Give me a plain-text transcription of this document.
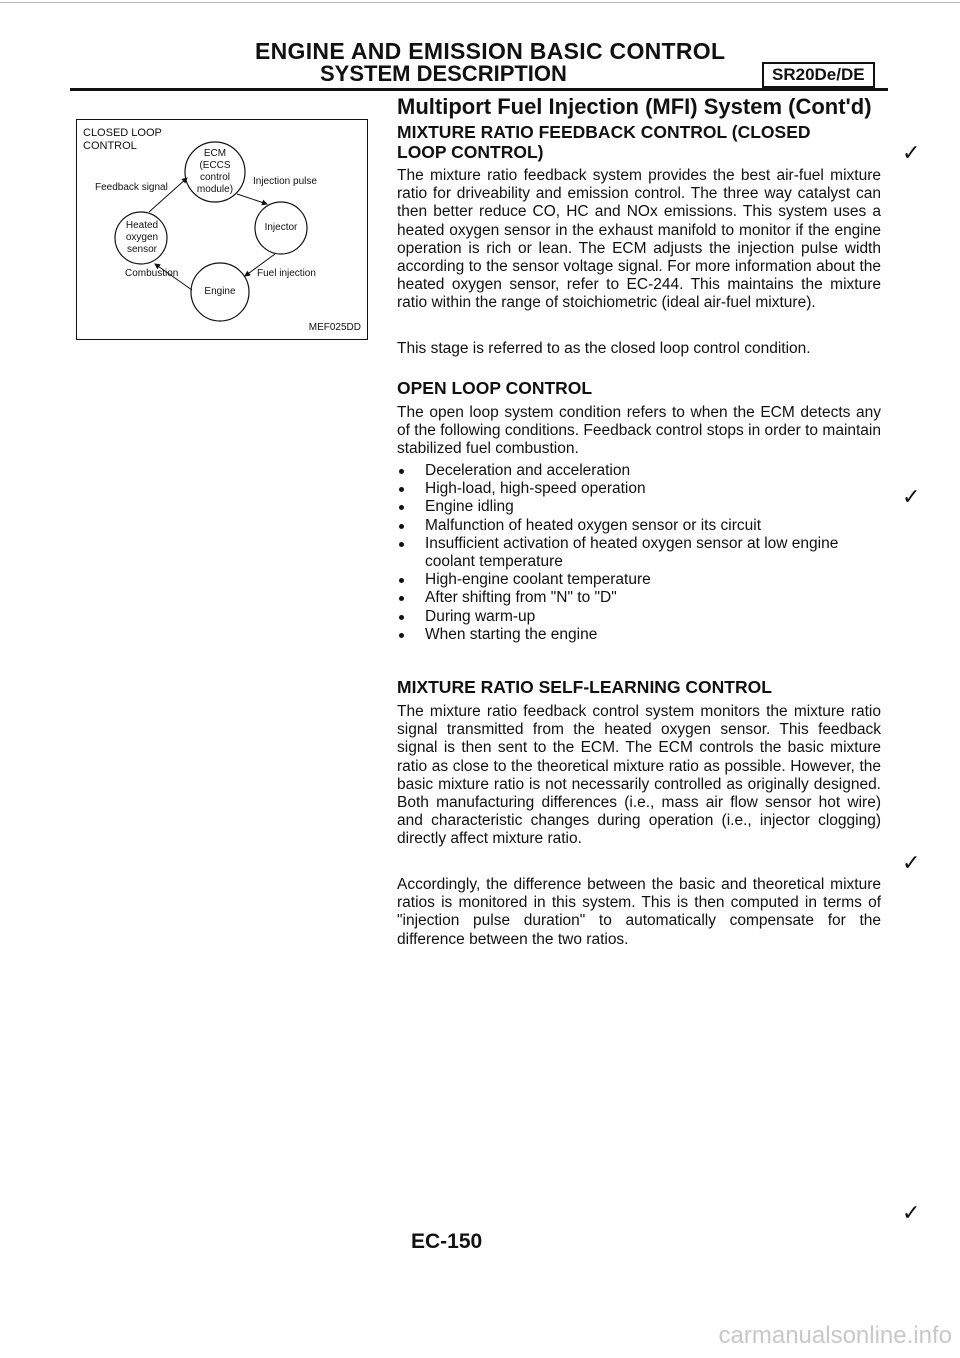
ENGINE AND EMISSION BASIC CONTROL
SYSTEM DESCRIPTION	SR20De/DE
CLOSED LOOP CONTROL
ECM (ECCS control module)
Heated oxygen sensor
Injector
Engine
Feedback signal
Injection pulse
Combustion	Fuel injection
MEF025DD
Multiport Fuel Injection (MFI) System (Cont'd)
MIXTURE RATIO FEEDBACK CONTROL (CLOSED
LOOP CONTROL)
The mixture ratio feedback system provides the best air-fuel mixture ratio for driveability and emission control. The three way catalyst can then better reduce CO, HC and NOx emissions. This system uses a heated oxygen sensor in the exhaust manifold to monitor if the engine operation is rich or lean. The ECM adjusts the injection pulse width according to the sensor voltage signal. For more information about the heated oxygen sensor, refer to EC-244. This maintains the mixture ratio within the range of stoichiometric (ideal air-fuel mixture).
This stage is referred to as the closed loop control condition.
OPEN LOOP CONTROL
The open loop system condition refers to when the ECM detects any of the following conditions. Feedback control stops in order to maintain stabilized fuel combustion.
Deceleration and acceleration
High-load, high-speed operation
Engine idling
Malfunction of heated oxygen sensor or its circuit
Insufficient activation of heated oxygen sensor at low engine coolant temperature
High-engine coolant temperature
After shifting from "N" to "D"
During warm-up
When starting the engine
MIXTURE RATIO SELF-LEARNING CONTROL
The mixture ratio feedback control system monitors the mixture ratio signal transmitted from the heated oxygen sensor. This feedback signal is then sent to the ECM. The ECM controls the basic mixture ratio as close to the theoretical mixture ratio as possible. However, the basic mixture ratio is not necessarily controlled as originally designed. Both manufacturing differences (i.e., mass air flow sensor hot wire) and characteristic changes during operation (i.e., injector clogging) directly affect mixture ratio.
Accordingly, the difference between the basic and theoretical mixture ratios is monitored in this system. This is then computed in terms of "injection pulse duration" to automatically compensate for the difference between the two ratios.
EC-150
✓
✓
✓
✓
carmanualsonline.info
